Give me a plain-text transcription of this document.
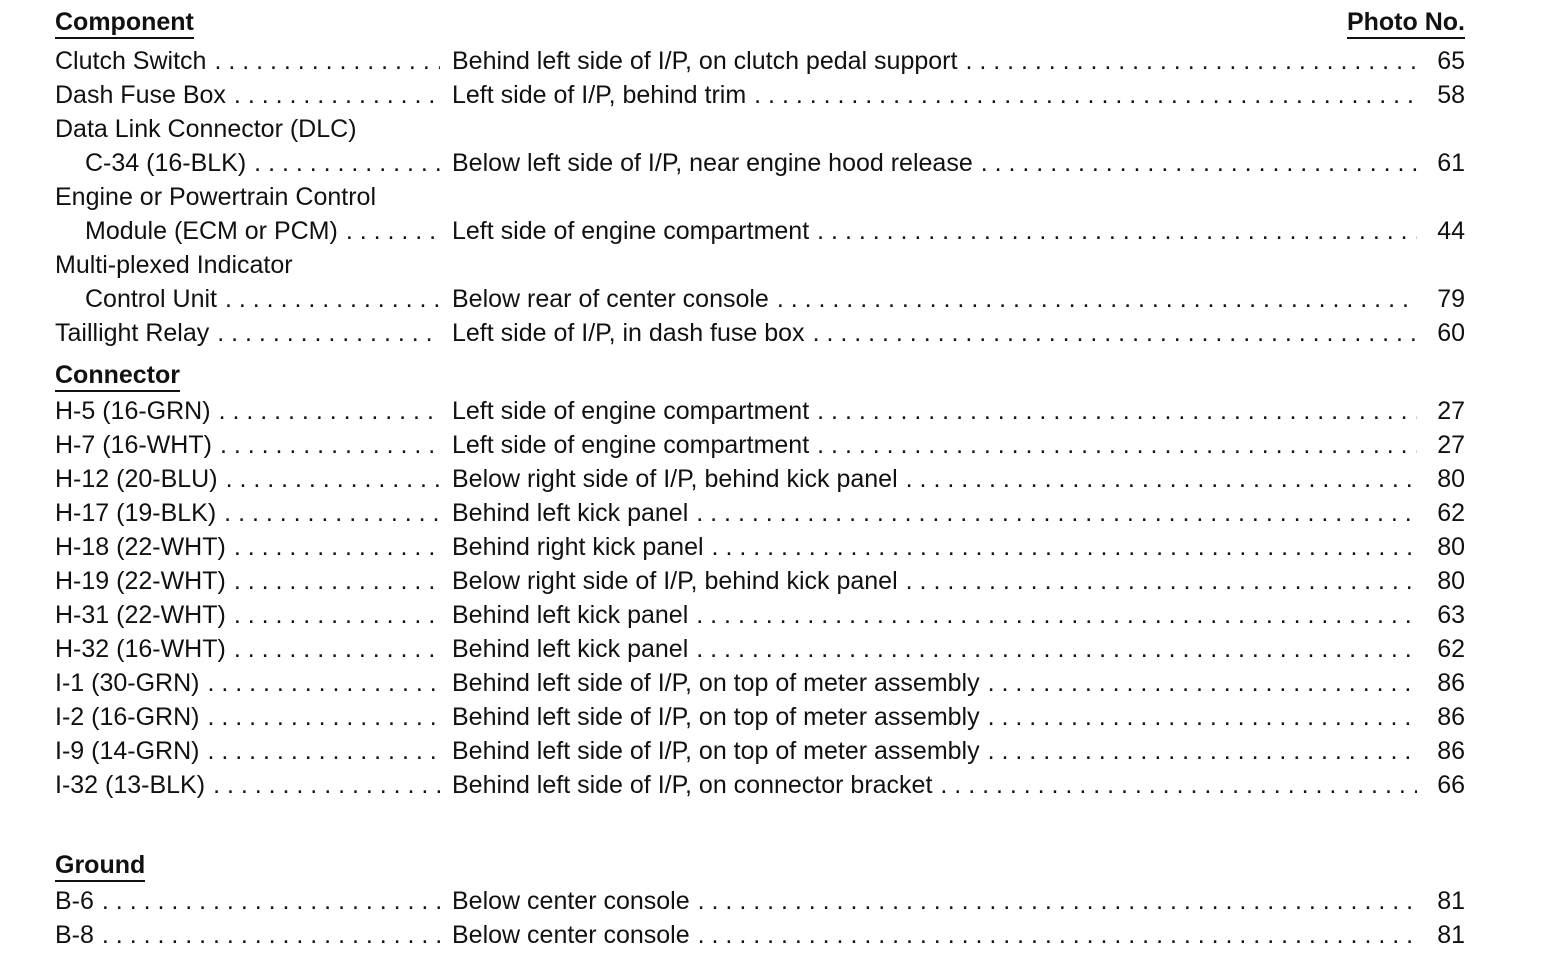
Component	Photo No.
Clutch Switch . . .	Behind left side of I/P, on clutch pedal support . . .	65
Dash Fuse Box . . .	Left side of I/P, behind trim . . .	58
Data Link Connector (DLC)
C-34 (16-BLK) . . .	Below left side of I/P, near engine hood release . . .	61
Engine or Powertrain Control
Module (ECM or PCM) . . .	Left side of engine compartment . . .	44
Multi-plexed Indicator
Control Unit . . .	Below rear of center console . . .	79
Taillight Relay . . .	Left side of I/P, in dash fuse box . . .	60
Connector
H-5 (16-GRN) . . .	Left side of engine compartment . . .	27
H-7 (16-WHT) . . .	Left side of engine compartment . . .	27
H-12 (20-BLU) . . .	Below right side of I/P, behind kick panel . . .	80
H-17 (19-BLK) . . .	Behind left kick panel . . .	62
H-18 (22-WHT) . . .	Behind right kick panel . . .	80
H-19 (22-WHT) . . .	Below right side of I/P, behind kick panel . . .	80
H-31 (22-WHT) . . .	Behind left kick panel . . .	63
H-32 (16-WHT) . . .	Behind left kick panel . . .	62
I-1 (30-GRN) . . .	Behind left side of I/P, on top of meter assembly . . .	86
I-2 (16-GRN) . . .	Behind left side of I/P, on top of meter assembly . . .	86
I-9 (14-GRN) . . .	Behind left side of I/P, on top of meter assembly . . .	86
I-32 (13-BLK) . . .	Behind left side of I/P, on connector bracket . . .	66
Ground
B-6 . . .	Below center console . . .	81
B-8 . . .	Below center console . . .	81
